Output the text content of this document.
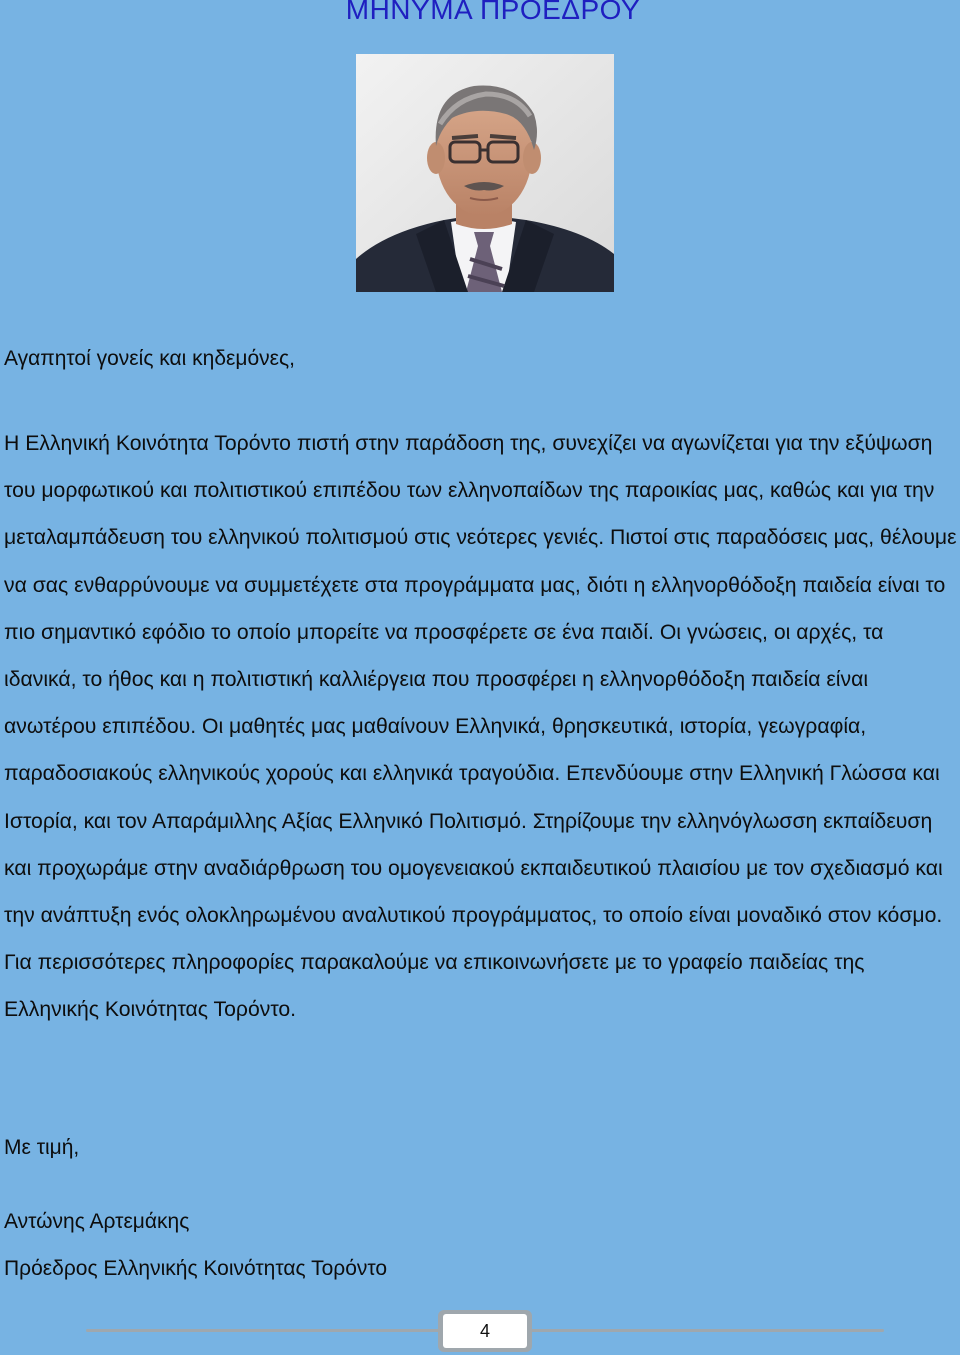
ΜΗΝΥΜΑ ΠΡΟΕΔΡΟΥ

Αγαπητοί γονείς και κηδεμόνες,

Η Ελληνική Κοινότητα Τορόντο πιστή στην παράδοση της, συνεχίζει να αγωνίζεται για την εξύψωση του μορφωτικού και πολιτιστικού επιπέδου των ελληνοπαίδων της παροικίας μας, καθώς και για την μεταλαμπάδευση του ελληνικού πολιτισμού στις νεότερες γενιές. Πιστοί στις παραδόσεις μας, θέλουμε να σας ενθαρρύνουμε να συμμετέχετε στα προγράμματα μας, διότι η ελληνορθόδοξη παιδεία είναι το πιο σημαντικό εφόδιο το οποίο μπορείτε να προσφέρετε σε ένα παιδί. Οι γνώσεις, οι αρχές, τα ιδανικά, το ήθος και η πολιτιστική καλλιέργεια που προσφέρει η ελληνορθόδοξη παιδεία είναι ανωτέρου επιπέδου. Οι μαθητές μας μαθαίνουν Ελληνικά, θρησκευτικά, ιστορία, γεωγραφία, παραδοσιακούς ελληνικούς χορούς και ελληνικά τραγούδια. Επενδύουμε στην Ελληνική Γλώσσα και Ιστορία, και τον Απαράμιλλης Αξίας Ελληνικό Πολιτισμό. Στηρίζουμε την ελληνόγλωσση εκπαίδευση και προχωράμε στην αναδιάρθρωση του ομογενειακού εκπαιδευτικού πλαισίου με τον σχεδιασμό και την ανάπτυξη ενός ολοκληρωμένου αναλυτικού προγράμματος, το οποίο είναι μοναδικό στον κόσμο. Για περισσότερες πληροφορίες παρακαλούμε να επικοινωνήσετε με το γραφείο παιδείας της Ελληνικής Κοινότητας Τορόντο.

Με τιμή,

Αντώνης Αρτεμάκης

Πρόεδρος Ελληνικής Κοινότητας Τορόντο

4
